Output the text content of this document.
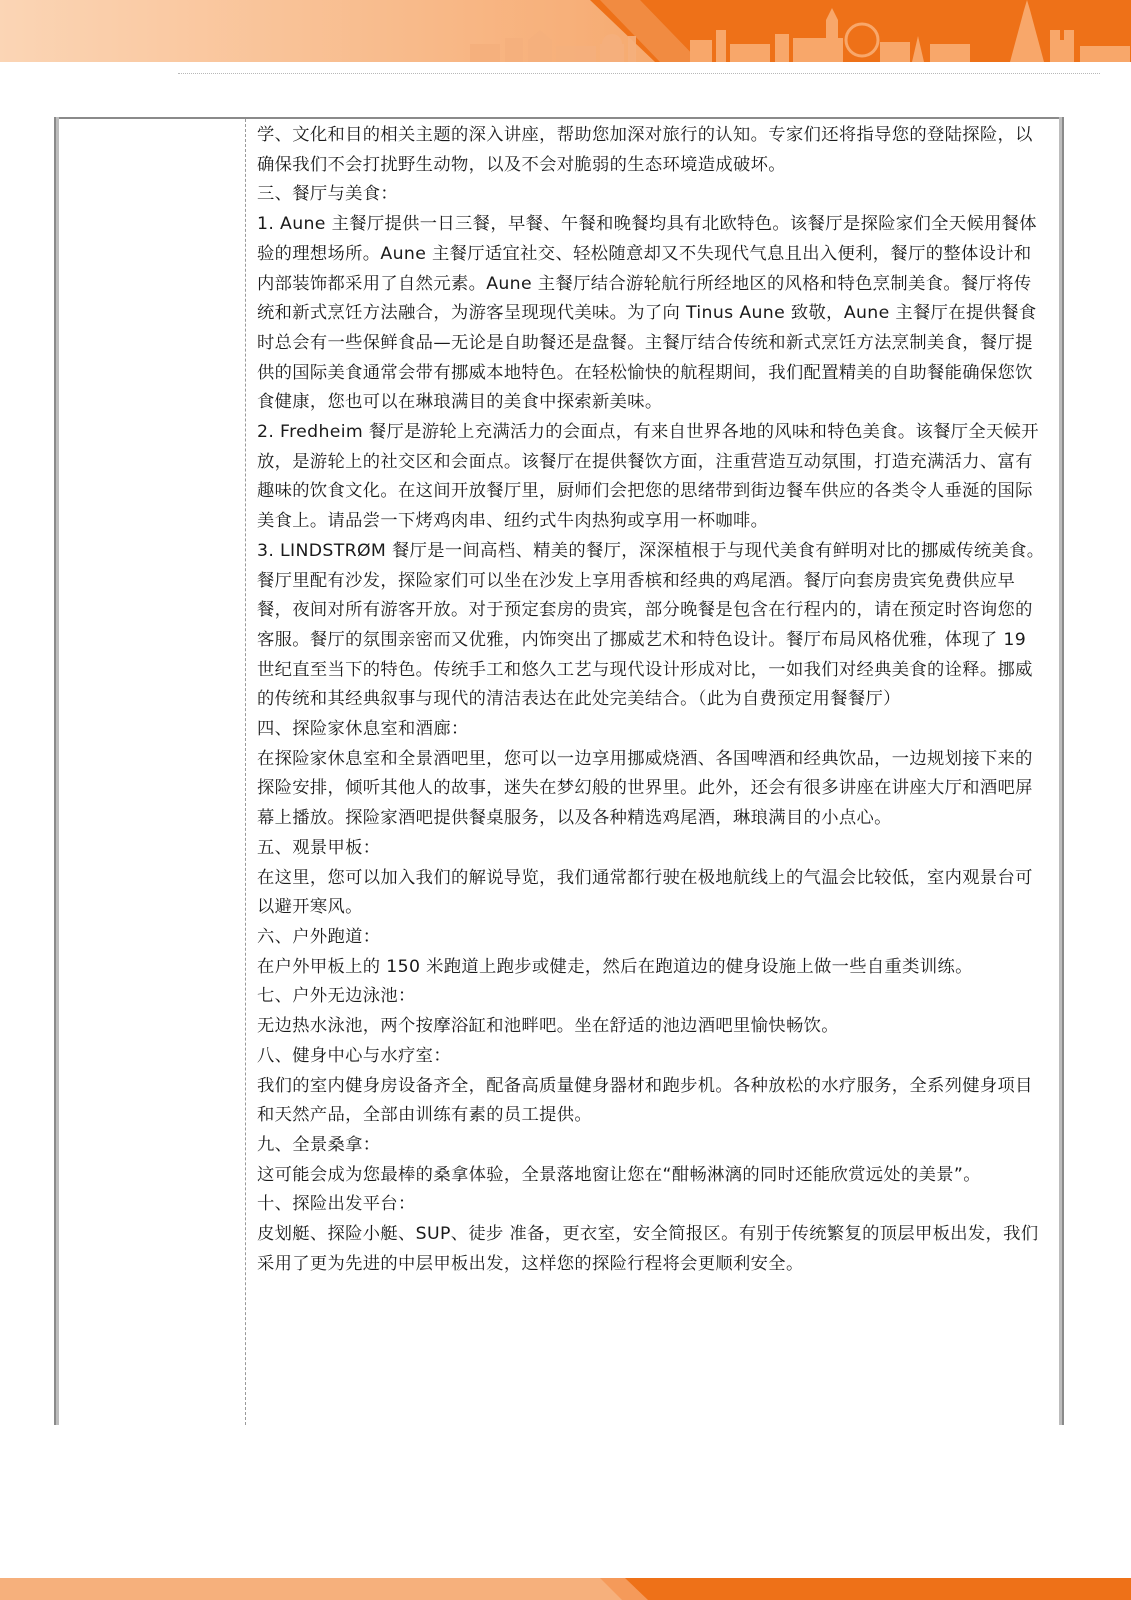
学、文化和目的相关主题的深入讲座，帮助您加深对旅行的认知。专家们还将指导您的登陆探险，以确保我们不会打扰野生动物，以及不会对脆弱的生态环境造成破坏。

三、餐厅与美食：

1. Aune 主餐厅提供一日三餐，早餐、午餐和晚餐均具有北欧特色。该餐厅是探险家们全天候用餐体验的理想场所。Aune 主餐厅适宜社交、轻松随意却又不失现代气息且出入便利，餐厅的整体设计和内部装饰都采用了自然元素。Aune 主餐厅结合游轮航行所经地区的风格和特色烹制美食。餐厅将传统和新式烹饪方法融合，为游客呈现现代美味。为了向 Tinus Aune 致敬，Aune 主餐厅在提供餐食时总会有一些保鲜食品—无论是自助餐还是盘餐。主餐厅结合传统和新式烹饪方法烹制美食，餐厅提供的国际美食通常会带有挪威本地特色。在轻松愉快的航程期间，我们配置精美的自助餐能确保您饮食健康，您也可以在琳琅满目的美食中探索新美味。

2. Fredheim 餐厅是游轮上充满活力的会面点，有来自世界各地的风味和特色美食。该餐厅全天候开放，是游轮上的社交区和会面点。该餐厅在提供餐饮方面，注重营造互动氛围，打造充满活力、富有趣味的饮食文化。在这间开放餐厅里，厨师们会把您的思绪带到街边餐车供应的各类令人垂涎的国际美食上。请品尝一下烤鸡肉串、纽约式牛肉热狗或享用一杯咖啡。

3. LINDSTRØM 餐厅是一间高档、精美的餐厅，深深植根于与现代美食有鲜明对比的挪威传统美食。餐厅里配有沙发，探险家们可以坐在沙发上享用香槟和经典的鸡尾酒。餐厅向套房贵宾免费供应早餐，夜间对所有游客开放。对于预定套房的贵宾，部分晚餐是包含在行程内的，请在预定时咨询您的客服。餐厅的氛围亲密而又优雅，内饰突出了挪威艺术和特色设计。餐厅布局风格优雅，体现了 19 世纪直至当下的特色。传统手工和悠久工艺与现代设计形成对比，一如我们对经典美食的诠释。挪威的传统和其经典叙事与现代的清洁表达在此处完美结合。（此为自费预定用餐餐厅）

四、探险家休息室和酒廊：

在探险家休息室和全景酒吧里，您可以一边享用挪威烧酒、各国啤酒和经典饮品，一边规划接下来的探险安排，倾听其他人的故事，迷失在梦幻般的世界里。此外，还会有很多讲座在讲座大厅和酒吧屏幕上播放。探险家酒吧提供餐桌服务，以及各种精选鸡尾酒，琳琅满目的小点心。

五、观景甲板：

在这里，您可以加入我们的解说导览，我们通常都行驶在极地航线上的气温会比较低，室内观景台可以避开寒风。

六、户外跑道：

在户外甲板上的 150 米跑道上跑步或健走，然后在跑道边的健身设施上做一些自重类训练。

七、户外无边泳池：

无边热水泳池，两个按摩浴缸和池畔吧。坐在舒适的池边酒吧里愉快畅饮。

八、健身中心与水疗室：

我们的室内健身房设备齐全，配备高质量健身器材和跑步机。各种放松的水疗服务，全系列健身项目和天然产品，全部由训练有素的员工提供。

九、全景桑拿：

这可能会成为您最棒的桑拿体验，全景落地窗让您在“酣畅淋漓的同时还能欣赏远处的美景”。

十、探险出发平台：

皮划艇、探险小艇、SUP、徒步 准备，更衣室，安全简报区。有别于传统繁复的顶层甲板出发，我们采用了更为先进的中层甲板出发，这样您的探险行程将会更顺利安全。
